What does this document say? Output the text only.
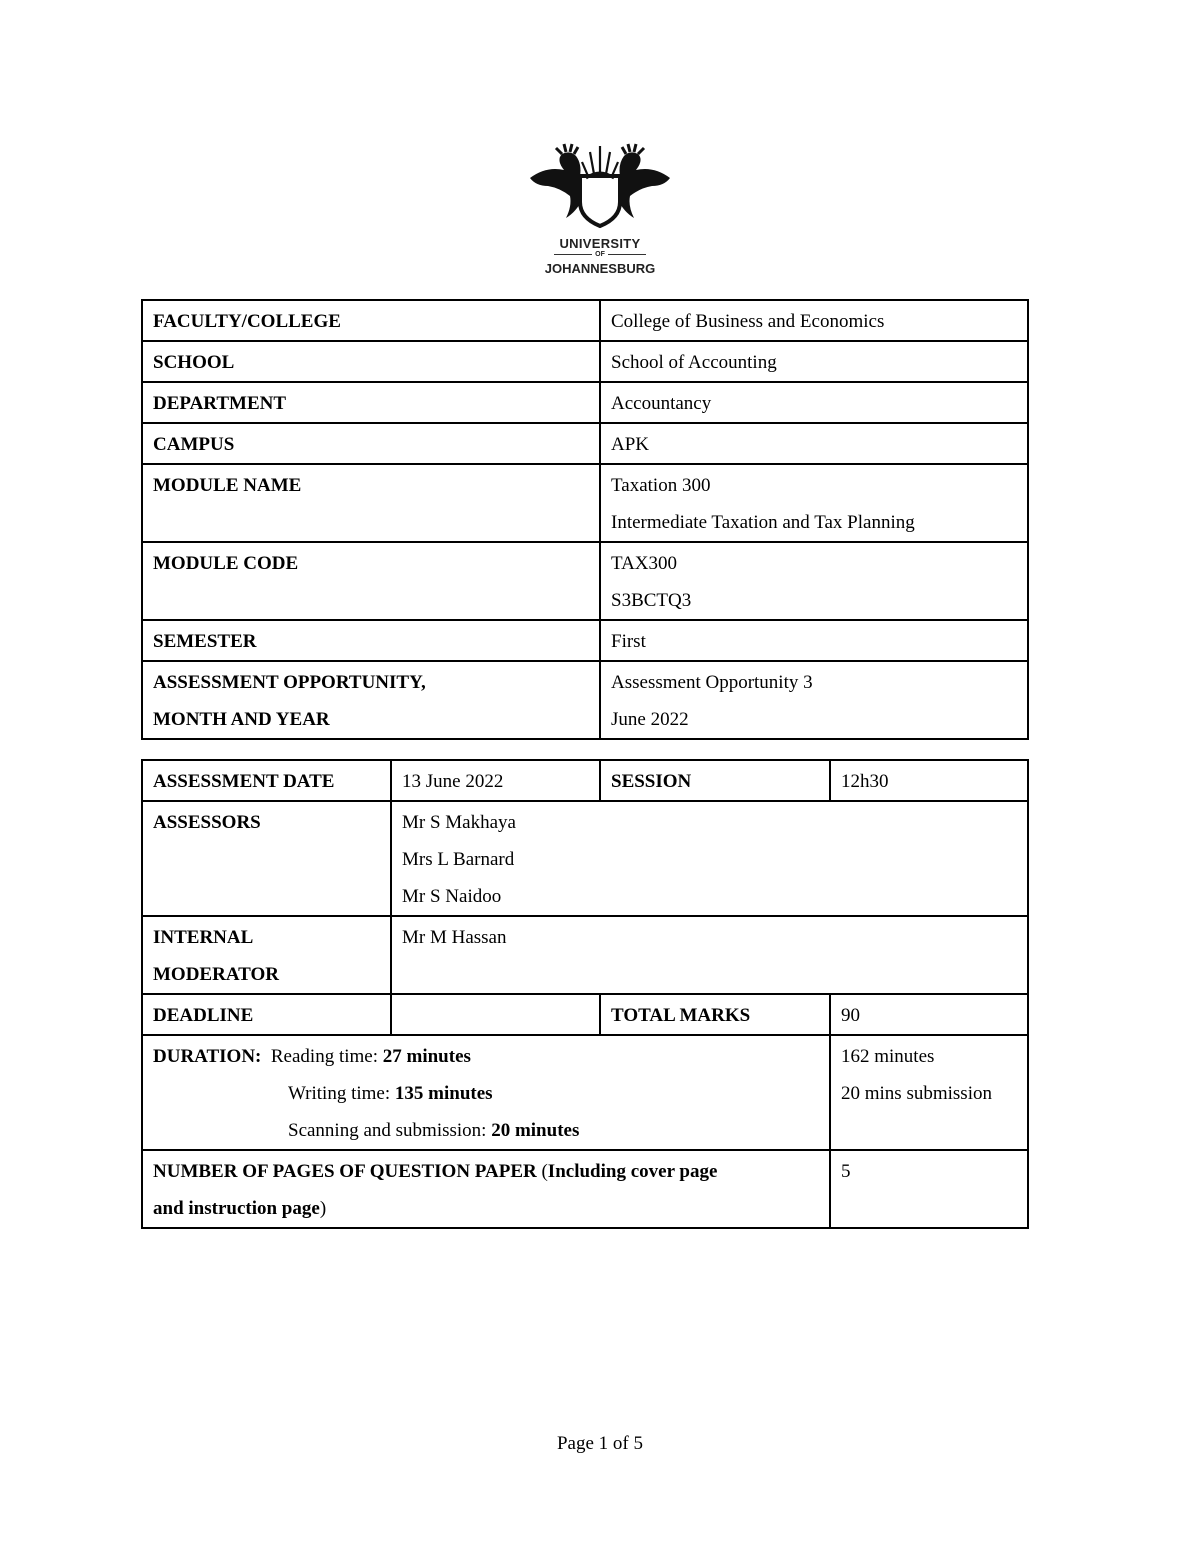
UNIVERSITY
OF
JOHANNESBURG
FACULTY/COLLEGE	College of Business and Economics
SCHOOL	School of Accounting
DEPARTMENT	Accountancy
CAMPUS	APK
MODULE NAME	Taxation 300
Intermediate Taxation and Tax Planning

MODULE CODE	TAX300
S3BCTQ3

SEMESTER	First

ASSESSMENT OPPORTUNITY,
MONTH AND YEAR	Assessment Opportunity 3
June 2022
ASSESSMENT DATE	13 June 2022	SESSION	12h30
ASSESSORS	Mr S Makhaya
Mrs L Barnard
Mr S Naidoo		

INTERNAL
MODERATOR	Mr M Hassan		
DEADLINE		TOTAL MARKS	90

DURATION: Reading time: 27 minutes
Writing time: 135 minutes
Scanning and submission: 20 minutes			162 minutes
20 mins submission

NUMBER OF PAGES OF QUESTION PAPER (Including cover page
and instruction page)			5
Page 1 of 5
